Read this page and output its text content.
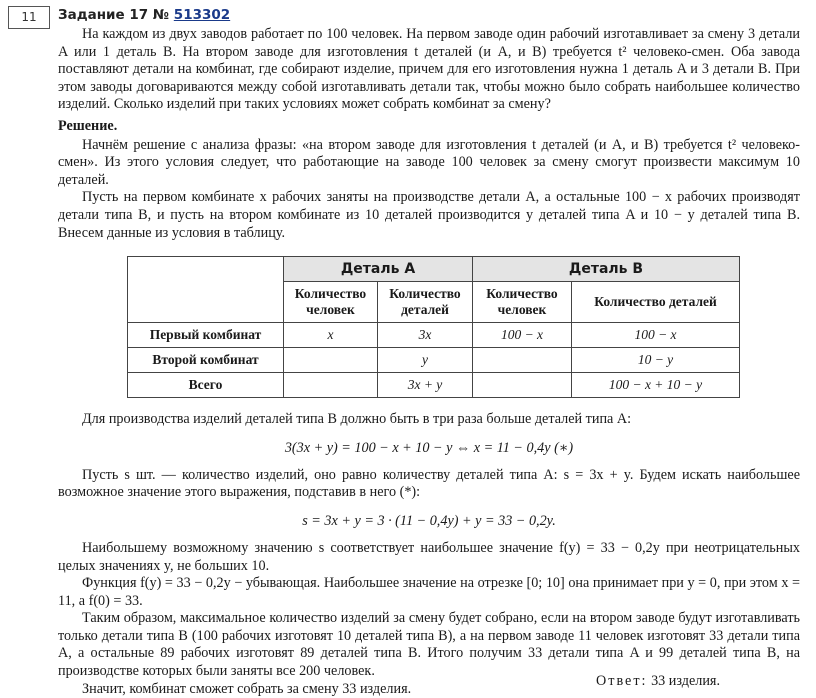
11	Задание 17 № 513302

На каждом из двух заводов работает по 100 человек. На первом заводе один рабочий изготавливает за смену 3 детали A или 1 деталь B. На втором заводе для изготовления t деталей (и A, и B) требуется t² человеко-смен. Оба завода поставляют детали на комбинат, где собирают изделие, причем для его изготовления нужна 1 деталь A и 3 детали B. При этом заводы договариваются между собой изготавливать детали так, чтобы можно было собрать наибольшее количество изделий. Сколько изделий при таких условиях может собрать комбинат за смену?

Решение.

Начнём решение с анализа фразы: «на втором заводе для изготовления t деталей (и A, и B) требуется t² человеко-смен». Из этого условия следует, что работающие на заводе 100 человек за смену смогут произвести максимум 10 деталей.

Пусть на первом комбинате x рабочих заняты на производстве детали A, а остальные 100 − x рабочих производят детали типа B, и пусть на втором комбинате из 10 деталей производится y деталей типа A и 10 − y деталей типа B. Внесем данные из условия в таблицу.

	Деталь A		Деталь B	
	Количество человек	Количество деталей	Количество человек	Количество деталей
Первый комбинат	x	3x	100 − x	100 − x
Второй комбинат		y		10 − y
Всего		3x + y		100 − x + 10 − y

Для производства изделий деталей типа B должно быть в три раза больше деталей типа A:

3(3x + y) = 100 − x + 10 − y ⇔ x = 11 − 0,4y (∗)

Пусть s шт. — количество изделий, оно равно количеству деталей типа A: s = 3x + y. Будем искать наибольшее возможное значение этого выражения, подставив в него (*):

s = 3x + y = 3 · (11 − 0,4y) + y = 33 − 0,2y.

Наибольшему возможному значению s соответствует наибольшее значение f(y) = 33 − 0,2y при неотрицательных целых значениях y, не больших 10.

Функция f(y) = 33 − 0,2y − убывающая. Наибольшее значение на отрезке [0; 10] она принимает при y = 0, при этом x = 11, а f(0) = 33.

Таким образом, максимальное количество изделий за смену будет собрано, если на втором заводе будут изготавливать только детали типа B (100 рабочих изготовят 10 деталей типа B), а на первом заводе 11 человек изготовят 33 детали типа A, а остальные 89 рабочих изготовят 89 деталей типа B. Итого получим 33 детали типа A и 99 деталей типа B, на производстве которых были заняты все 200 человек.

Значит, комбинат сможет собрать за смену 33 изделия.	Ответ: 33 изделия.
